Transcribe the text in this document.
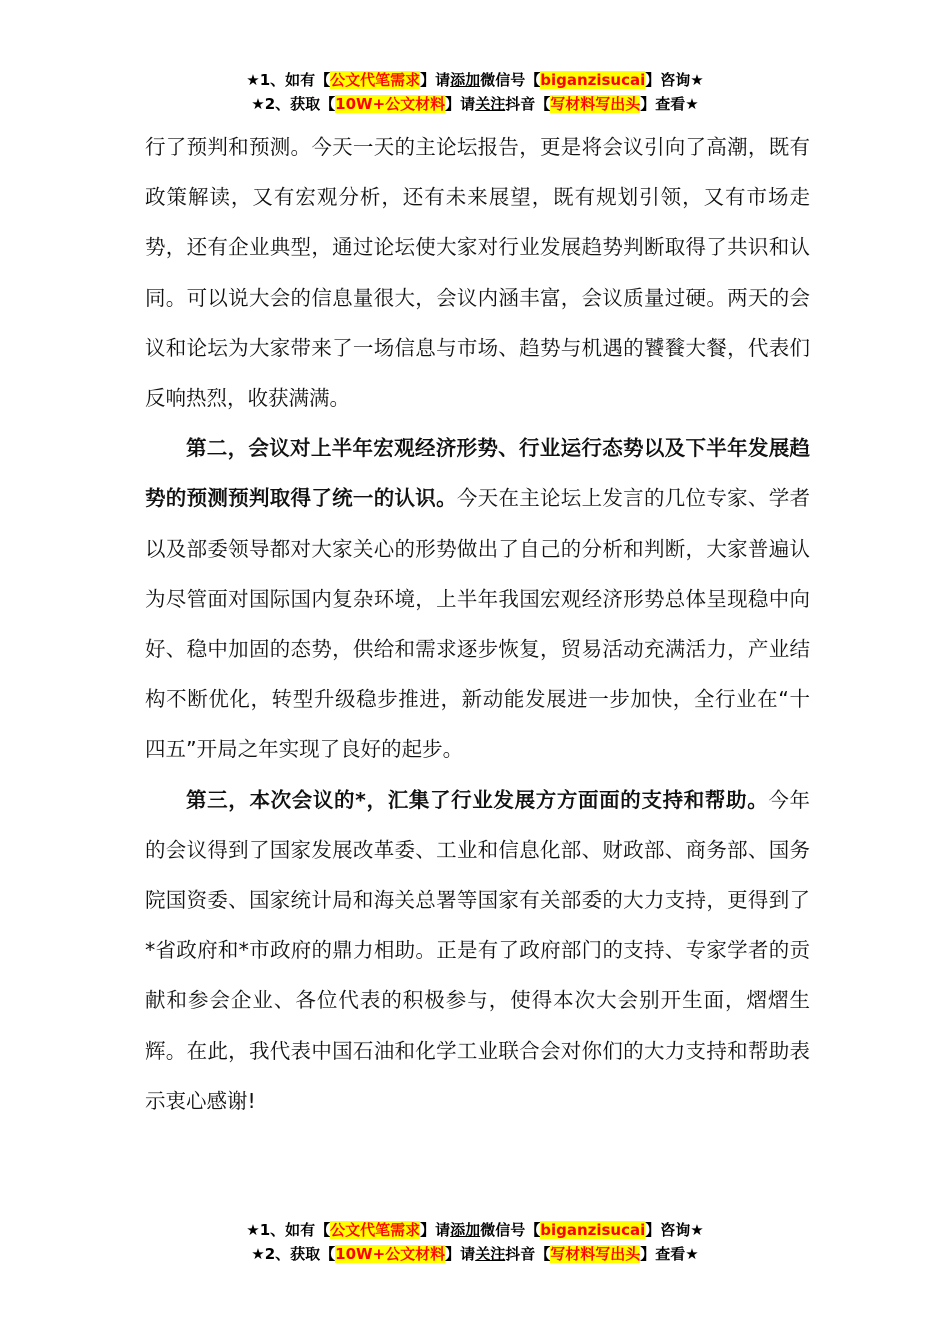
★1、如有【公文代笔需求】请添加微信号【biganzisucai】咨询★
★2、获取【10W+公文材料】请关注抖音【写材料写出头】查看★

行了预判和预测。今天一天的主论坛报告，更是将会议引向了高潮，既有政策解读，又有宏观分析，还有未来展望，既有规划引领，又有市场走势，还有企业典型，通过论坛使大家对行业发展趋势判断取得了共识和认同。可以说大会的信息量很大，会议内涵丰富，会议质量过硬。两天的会议和论坛为大家带来了一场信息与市场、趋势与机遇的饕餮大餐，代表们反响热烈，收获满满。

第二，会议对上半年宏观经济形势、行业运行态势以及下半年发展趋势的预测预判取得了统一的认识。今天在主论坛上发言的几位专家、学者以及部委领导都对大家关心的形势做出了自己的分析和判断，大家普遍认为尽管面对国际国内复杂环境，上半年我国宏观经济形势总体呈现稳中向好、稳中加固的态势，供给和需求逐步恢复，贸易活动充满活力，产业结构不断优化，转型升级稳步推进，新动能发展进一步加快，全行业在“十四五”开局之年实现了良好的起步。

第三，本次会议的*，汇集了行业发展方方面面的支持和帮助。今年的会议得到了国家发展改革委、工业和信息化部、财政部、商务部、国务院国资委、国家统计局和海关总署等国家有关部委的大力支持，更得到了*省政府和*市政府的鼎力相助。正是有了政府部门的支持、专家学者的贡献和参会企业、各位代表的积极参与，使得本次大会别开生面，熠熠生辉。在此，我代表中国石油和化学工业联合会对你们的大力支持和帮助表示衷心感谢!

★1、如有【公文代笔需求】请添加微信号【biganzisucai】咨询★
★2、获取【10W+公文材料】请关注抖音【写材料写出头】查看★
